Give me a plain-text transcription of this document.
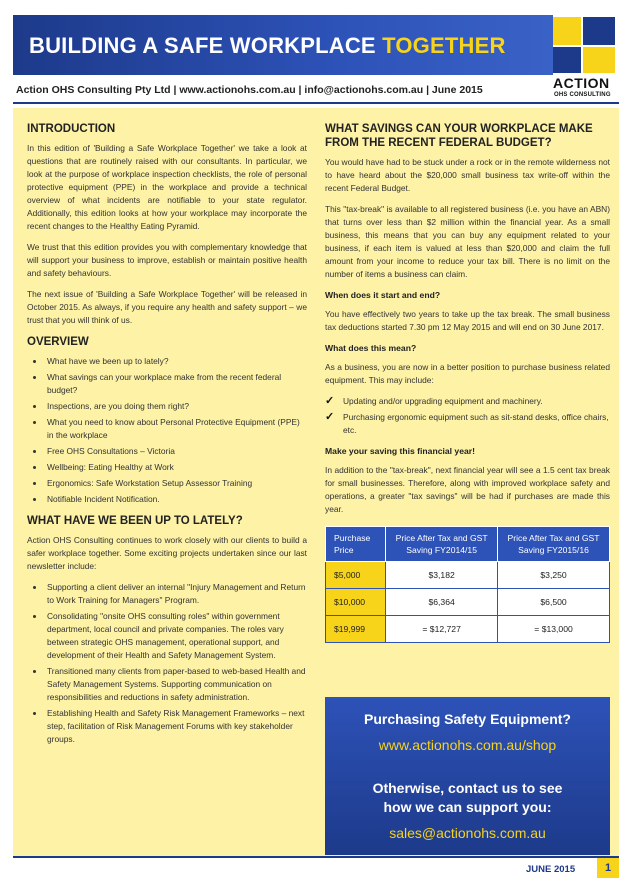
BUILDING A SAFE WORKPLACE TOGETHER
ACTION
OHS CONSULTING
Action OHS Consulting Pty Ltd | www.actionohs.com.au | info@actionohs.com.au | June 2015
INTRODUCTION

In this edition of 'Building a Safe Workplace Together' we take a look at questions that are routinely raised with our consultants. In particular, we look at the purpose of workplace inspection checklists, the role of personal protective equipment (PPE) in the workplace and provide a technical overview of what incidents are notifiable to your state regulator. Additionally, this edition looks at how your workplace may incorporate the recent changes to the Healthy Eating Pyramid.

We trust that this edition provides you with complementary knowledge that will support your business to improve, establish or maintain positive health and safety behaviours.

The next issue of 'Building a Safe Workplace Together' will be released in October 2015. As always, if you require any health and safety support – we trust that you will think of us.

OVERVIEW
• What have we been up to lately?
• What savings can your workplace make from the recent federal budget?
• Inspections, are you doing them right?
• What you need to know about Personal Protective Equipment (PPE) in the workplace
• Free OHS Consultations – Victoria
• Wellbeing: Eating Healthy at Work
• Ergonomics: Safe Workstation Setup Assessor Training
• Notifiable Incident Notification.
WHAT HAVE WE BEEN UP TO LATELY?

Action OHS Consulting continues to work closely with our clients to build a safer workplace together. Some exciting projects undertaken since our last newsletter include:

• Supporting a client deliver an internal "Injury Management and Return to Work Training for Managers" Program.
• Consolidating "onsite OHS consulting roles" within government department, local council and private companies. The roles vary between strategic OHS management, operational support, and development of their Health and Safety Management System.
• Transitioned many clients from paper-based to web-based Health and Safety Management Systems. Supporting communication on responsibilities and reductions in safety administration.
• Establishing Health and Safety Risk Management Frameworks – next step, facilitation of Risk Management Forums with key stakeholder groups.
WHAT SAVINGS CAN YOUR WORKPLACE MAKE FROM THE RECENT FEDERAL BUDGET?

You would have had to be stuck under a rock or in the remote wilderness not to have heard about the $20,000 small business tax write-off within the recent Federal Budget.

This "tax-break" is available to all registered business (i.e. you have an ABN) that turns over less than $2 million within the financial year. As a small business, this means that you can buy any equipment related to your business, if each item is valued at less than $20,000 and claim the full amount from your income to reduce your tax bill. There is no limit on the number of items a business can claim.

When does it start and end?

You have effectively two years to take up the tax break. The small business tax deductions started 7.30 pm 12 May 2015 and will end on 30 June 2017.

What does this mean?

As a business, you are now in a better position to purchase business related equipment. This may include:

✓ Updating and/or upgrading equipment and machinery.
✓ Purchasing ergonomic equipment such as sit-stand desks, office chairs, etc.
Make your saving this financial year!

In addition to the "tax-break", next financial year will see a 1.5 cent tax break for small businesses. Therefore, along with improved workplace safety and operations, a greater "tax savings" will be had if purchases are made this year.

Purchase Price	Price After Tax and GST Saving FY2014/15	Price After Tax and GST Saving FY2015/16
$5,000	$3,182	$3,250
$10,000	$6,364	$6,500
$19,999	= $12,727	= $13,000
Purchasing Safety Equipment?
www.actionohs.com.au/shop
Otherwise, contact us to see
how we can support you:
sales@actionohs.com.au
JUNE 2015	1
